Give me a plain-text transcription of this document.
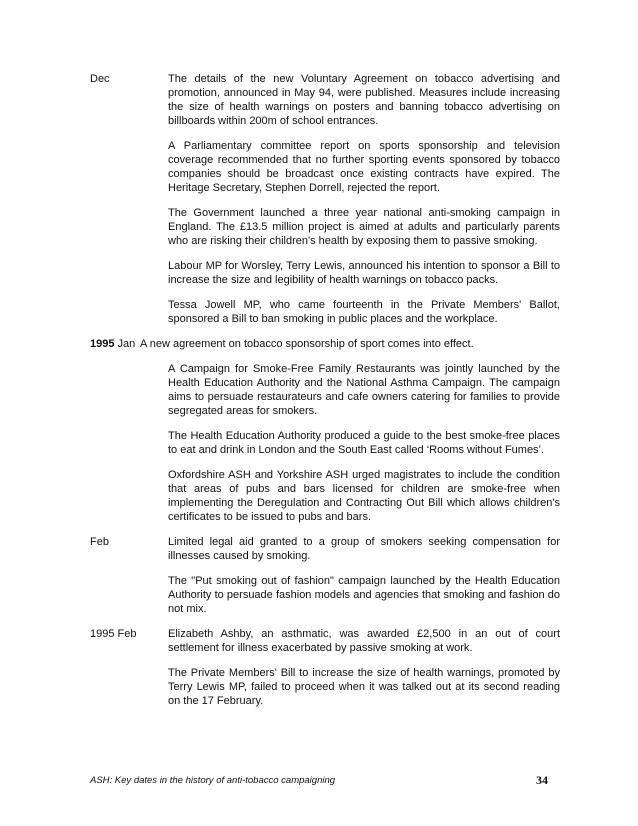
Dec	The details of the new Voluntary Agreement on tobacco advertising and promotion, announced in May 94, were published. Measures include increasing the size of health warnings on posters and banning tobacco advertising on billboards within 200m of school entrances.
A Parliamentary committee report on sports sponsorship and television coverage recommended that no further sporting events sponsored by tobacco companies should be broadcast once existing contracts have expired. The Heritage Secretary, Stephen Dorrell, rejected the report.
The Government launched a three year national anti-smoking campaign in England. The £13.5 million project is aimed at adults and particularly parents who are risking their children's health by exposing them to passive smoking.
Labour MP for Worsley, Terry Lewis, announced his intention to sponsor a Bill to increase the size and legibility of health warnings on tobacco packs.
Tessa Jowell MP, who came fourteenth in the Private Members' Ballot, sponsored a Bill to ban smoking in public places and the workplace.
1995 Jan A new agreement on tobacco sponsorship of sport comes into effect.
A Campaign for Smoke-Free Family Restaurants was jointly launched by the Health Education Authority and the National Asthma Campaign. The campaign aims to persuade restaurateurs and cafe owners catering for families to provide segregated areas for smokers.
The Health Education Authority produced a guide to the best smoke-free places to eat and drink in London and the South East called ‘Rooms without Fumes’.
Oxfordshire ASH and Yorkshire ASH urged magistrates to include the condition that areas of pubs and bars licensed for children are smoke-free when implementing the Deregulation and Contracting Out Bill which allows children's certificates to be issued to pubs and bars.
Feb	Limited legal aid granted to a group of smokers seeking compensation for illnesses caused by smoking.
The "Put smoking out of fashion" campaign launched by the Health Education Authority to persuade fashion models and agencies that smoking and fashion do not mix.
1995 Feb	Elizabeth Ashby, an asthmatic, was awarded £2,500 in an out of court settlement for illness exacerbated by passive smoking at work.
The Private Members' Bill to increase the size of health warnings, promoted by Terry Lewis MP, failed to proceed when it was talked out at its second reading on the 17 February.
ASH: Key dates in the history of anti-tobacco campaigning	34
